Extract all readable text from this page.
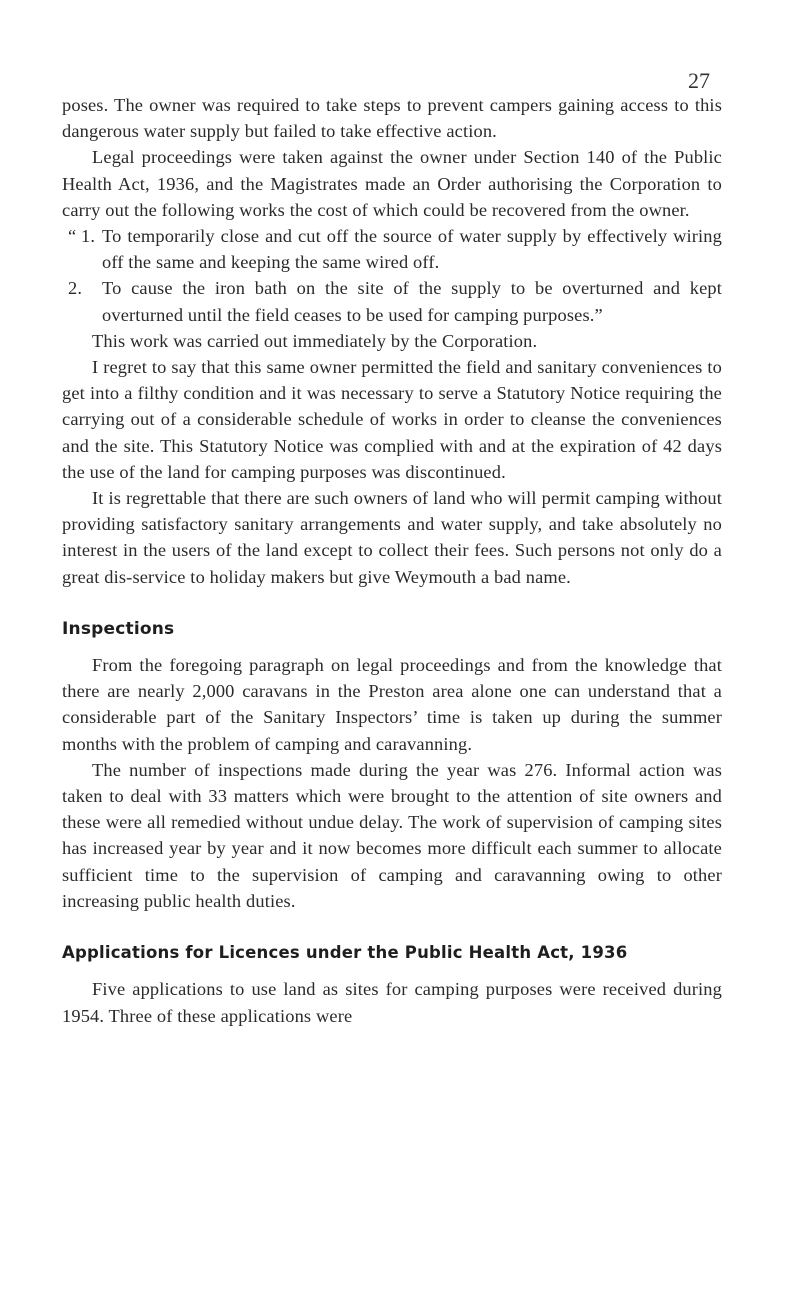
27

poses. The owner was required to take steps to prevent campers gaining access to this dangerous water supply but failed to take effective action.

Legal proceedings were taken against the owner under Section 140 of the Public Health Act, 1936, and the Magistrates made an Order authorising the Corporation to carry out the following works the cost of which could be recovered from the owner.

“ 1. To temporarily close and cut off the source of water supply by effectively wiring off the same and keeping the same wired off.
2.	To cause the iron bath on the site of the supply to be overturned and kept overturned until the field ceases to be used for camping purposes.”

This work was carried out immediately by the Corporation.

I regret to say that this same owner permitted the field and sanitary conveniences to get into a filthy condition and it was necessary to serve a Statutory Notice requiring the carrying out of a considerable schedule of works in order to cleanse the conveniences and the site. This Statutory Notice was complied with and at the expiration of 42 days the use of the land for camping purposes was discontinued.

It is regrettable that there are such owners of land who will permit camping without providing satisfactory sanitary arrangements and water supply, and take absolutely no interest in the users of the land except to collect their fees. Such persons not only do a great dis-service to holiday makers but give Weymouth a bad name.

Inspections

From the foregoing paragraph on legal proceedings and from the knowledge that there are nearly 2,000 caravans in the Preston area alone one can understand that a considerable part of the Sanitary Inspectors’ time is taken up during the summer months with the problem of camping and caravanning.

The number of inspections made during the year was 276. Informal action was taken to deal with 33 matters which were brought to the attention of site owners and these were all remedied without undue delay. The work of supervision of camping sites has increased year by year and it now becomes more difficult each summer to allocate sufficient time to the supervision of camping and caravanning owing to other increasing public health duties.

Applications for Licences under the Public Health Act, 1936

Five applications to use land as sites for camping purposes were received during 1954. Three of these applications were
